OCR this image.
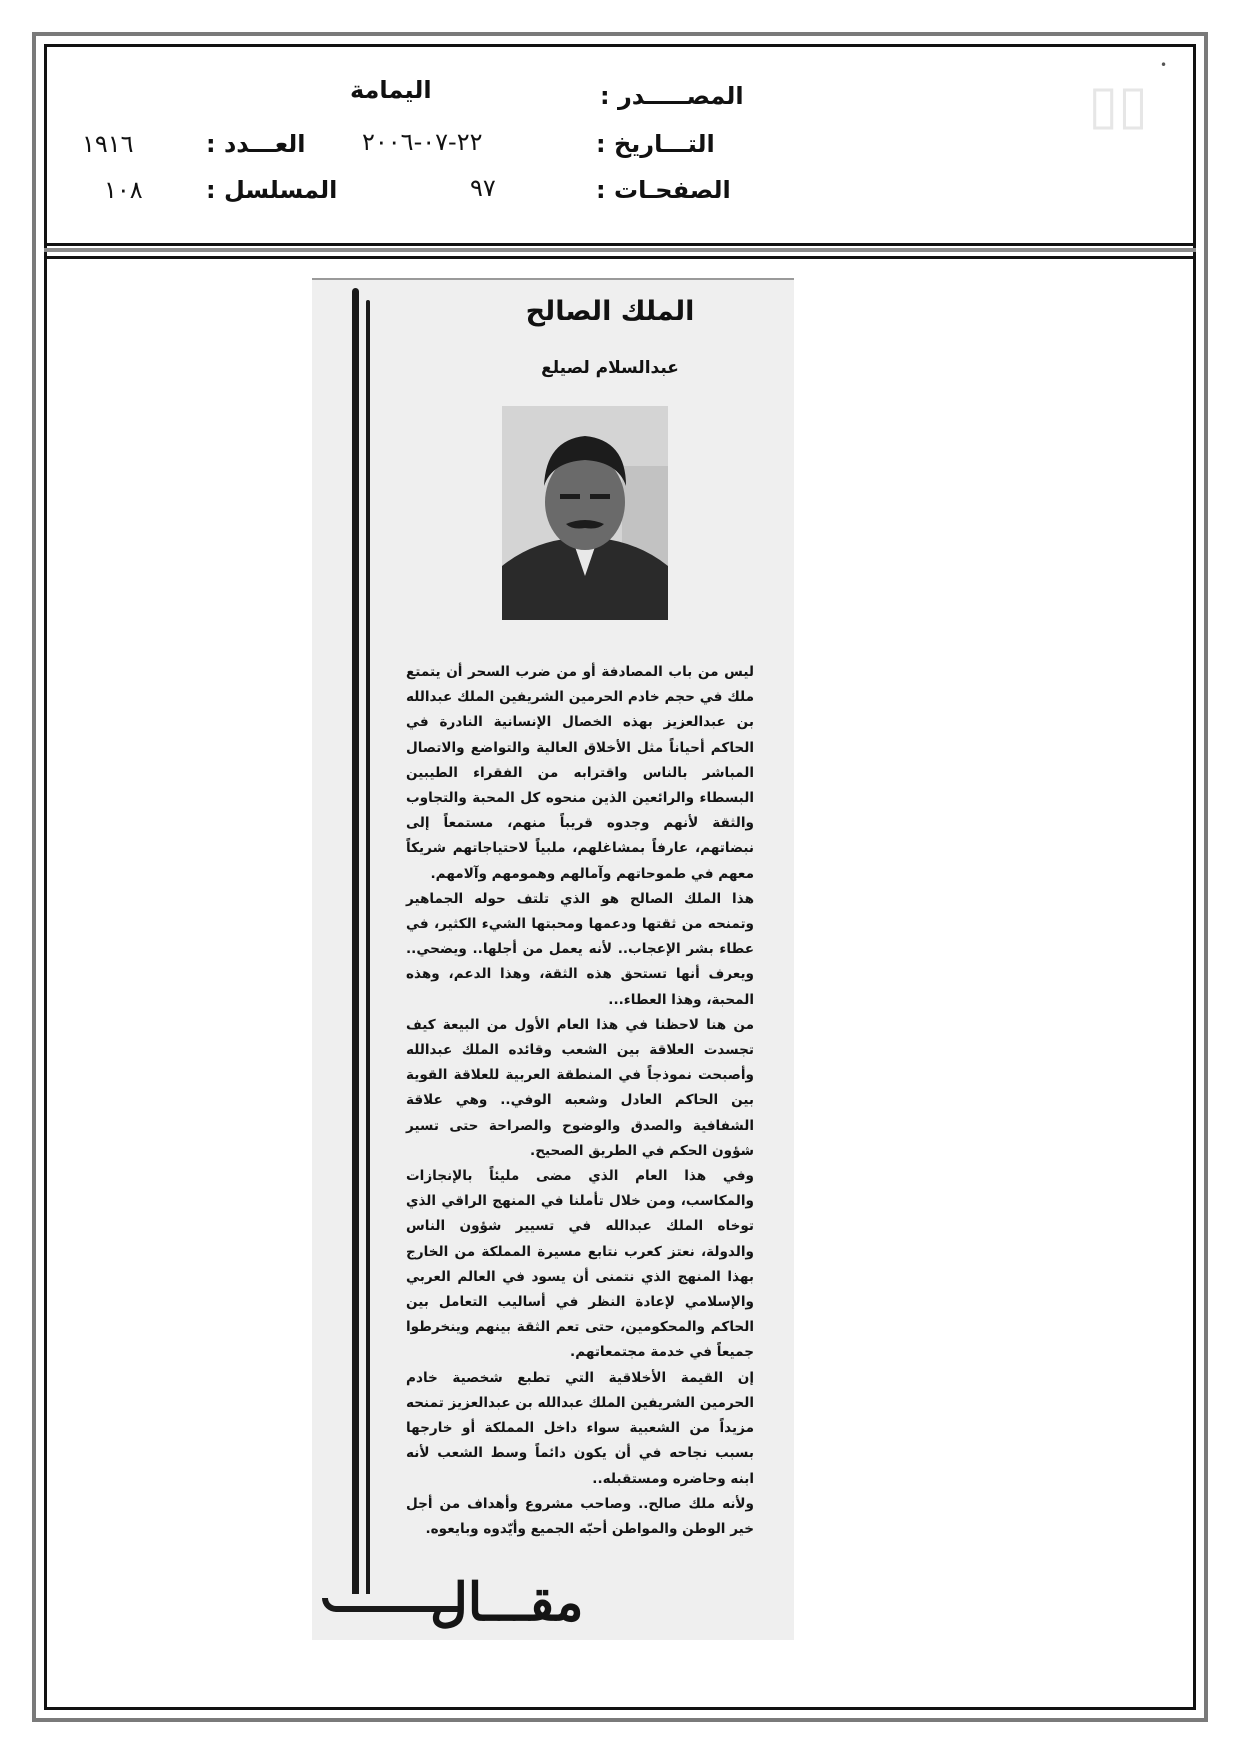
▯▯
•
المصـــــدر :
التـــاريخ :
الصفحـات :
اليمامة
٢٢-٠٧-٢٠٠٦
٩٧
العـــدد :
المسلسل :
١٩١٦
١٠٨
مقـــال
الملك الصالح
عبدالسلام لصيلع

ليس من باب المصادفة أو من ضرب السحر أن يتمتع ملك في حجم خادم الحرمين الشريفين الملك عبدالله بن عبدالعزيز بهذه الخصال الإنسانية النادرة في الحاكم أحياناً مثل الأخلاق العالية والتواضع والاتصال المباشر بالناس واقترابه من الفقراء الطيبين البسطاء والرائعين الذين منحوه كل المحبة والتجاوب والثقة لأنهم وجدوه قريباً منهم، مستمعاً إلى نبضاتهم، عارفاً بمشاغلهم، ملبياً لاحتياجاتهم شريكاً معهم في طموحاتهم وآمالهم وهمومهم وآلامهم.

هذا الملك الصالح هو الذي تلتف حوله الجماهير وتمنحه من ثقتها ودعمها ومحبتها الشيء الكثير، في عطاء بشر الإعجاب.. لأنه يعمل من أجلها.. ويضحي.. ويعرف أنها تستحق هذه الثقة، وهذا الدعم، وهذه المحبة، وهذا العطاء...

من هنا لاحظنا في هذا العام الأول من البيعة كيف تجسدت العلاقة بين الشعب وقائده الملك عبدالله وأصبحت نموذجاً في المنطقة العربية للعلاقة القوية بين الحاكم العادل وشعبه الوفي.. وهي علاقة الشفافية والصدق والوضوح والصراحة حتى تسير شؤون الحكم في الطريق الصحيح.

وفي هذا العام الذي مضى مليئاً بالإنجازات والمكاسب، ومن خلال تأملنا في المنهج الراقي الذي توخاه الملك عبدالله في تسيير شؤون الناس والدولة، نعتز كعرب نتابع مسيرة المملكة من الخارج بهذا المنهج الذي نتمنى أن يسود في العالم العربي والإسلامي لإعادة النظر في أساليب التعامل بين الحاكم والمحكومين، حتى تعم الثقة بينهم وينخرطوا جميعاً في خدمة مجتمعاتهم.

إن القيمة الأخلاقية التي تطبع شخصية خادم الحرمين الشريفين الملك عبدالله بن عبدالعزيز تمنحه مزيداً من الشعبية سواء داخل المملكة أو خارجها بسبب نجاحه في أن يكون دائماً وسط الشعب لأنه ابنه وحاضره ومستقبله..

ولأنه ملك صالح.. وصاحب مشروع وأهداف من أجل خير الوطن والمواطن أحبّه الجميع وأيّدوه وبايعوه.
